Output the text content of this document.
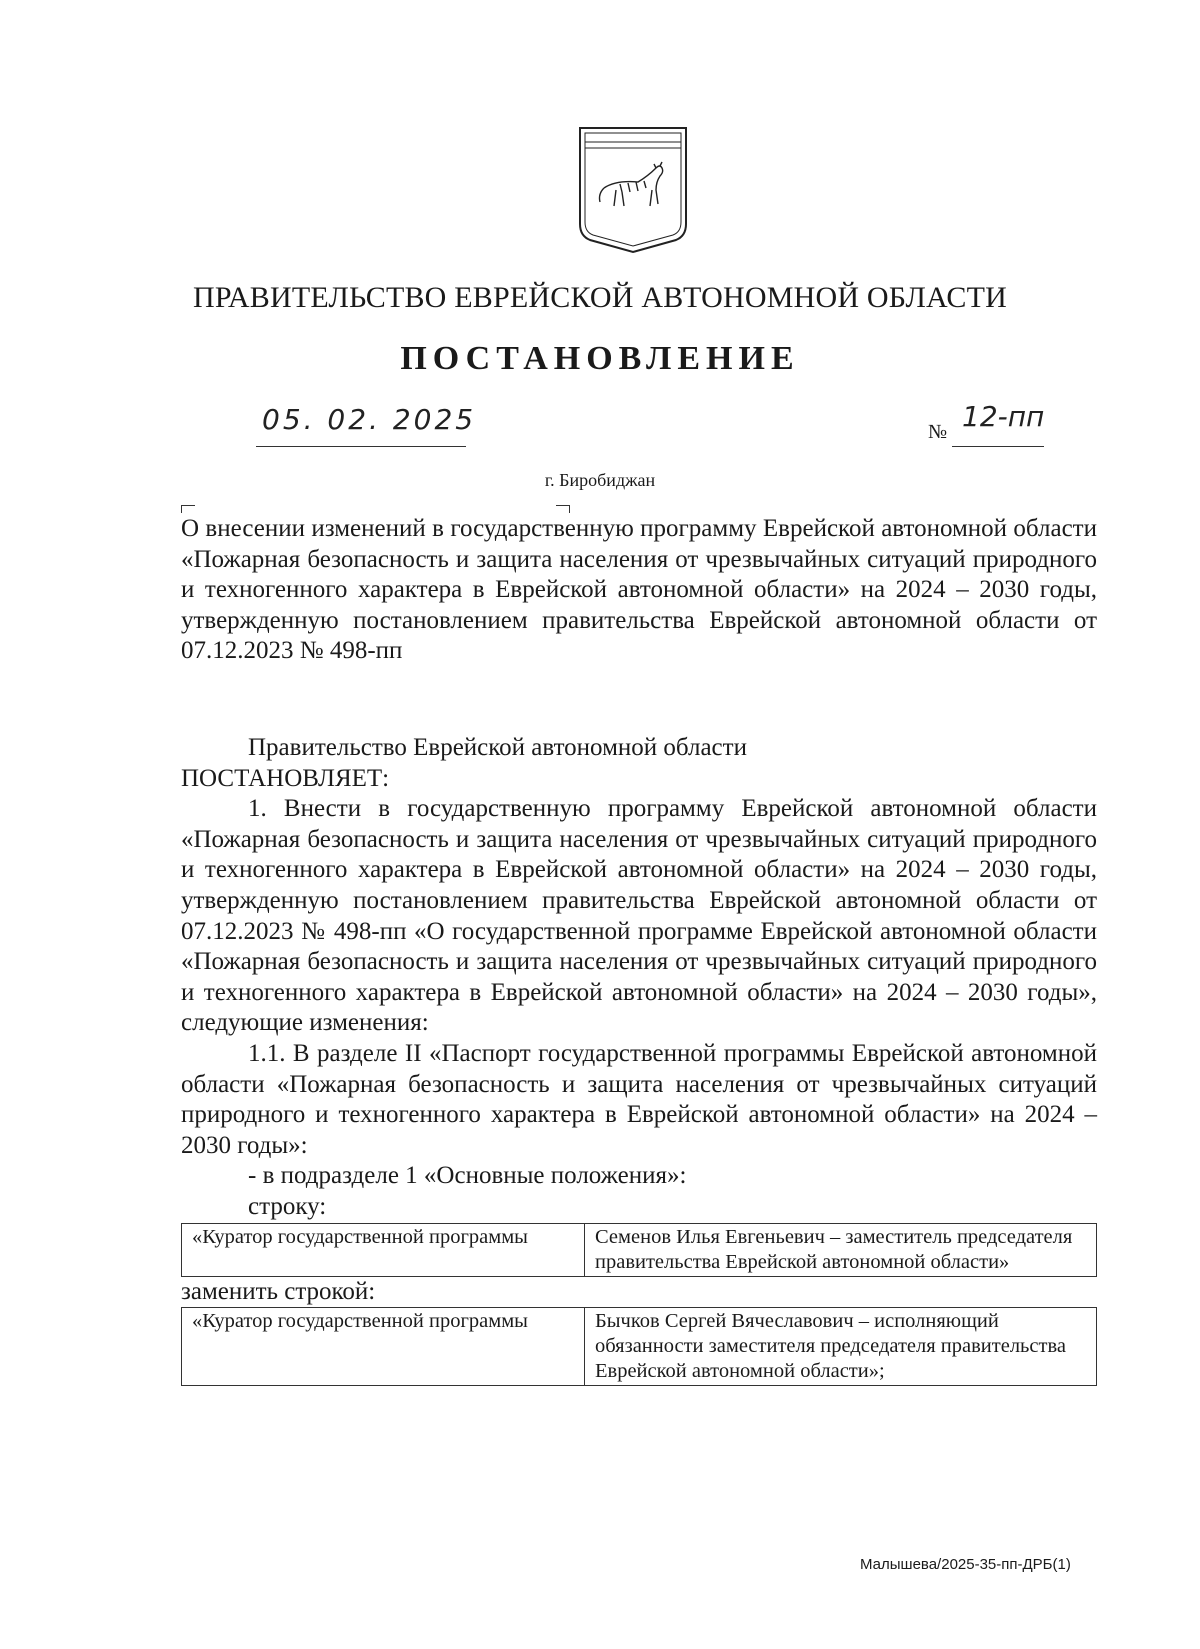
ПРАВИТЕЛЬСТВО ЕВРЕЙСКОЙ АВТОНОМНОЙ ОБЛАСТИ
ПОСТАНОВЛЕНИЕ
05. 02. 2025	№ 12-пп
г. Биробиджан
О внесении изменений в государственную программу Еврейской автономной области «Пожарная безопасность и защита населения от чрезвычайных ситуаций природного и техногенного характера в Еврейской автономной области» на 2024 – 2030 годы, утвержденную постановлением правительства Еврейской автономной области от 07.12.2023 № 498-пп

Правительство Еврейской автономной области

ПОСТАНОВЛЯЕТ:

1. Внести в государственную программу Еврейской автономной области «Пожарная безопасность и защита населения от чрезвычайных ситуаций природного и техногенного характера в Еврейской автономной области» на 2024 – 2030 годы, утвержденную постановлением правительства Еврейской автономной области от 07.12.2023 № 498-пп «О государственной программе Еврейской автономной области «Пожарная безопасность и защита населения от чрезвычайных ситуаций природного и техногенного характера в Еврейской автономной области» на 2024 – 2030 годы», следующие изменения:

1.1. В разделе II «Паспорт государственной программы Еврейской автономной области «Пожарная безопасность и защита населения от чрезвычайных ситуаций природного и техногенного характера в Еврейской автономной области» на 2024 – 2030 годы»:

- в подразделе 1 «Основные положения»:

строку:

«Куратор государственной программы	Семенов Илья Евгеньевич – заместитель председателя правительства Еврейской автономной области»

заменить строкой:

«Куратор государственной программы	Бычков Сергей Вячеславович – исполняющий обязанности заместителя председателя правительства Еврейской автономной области»;
Малышева/2025-35-пп-ДРБ(1)
